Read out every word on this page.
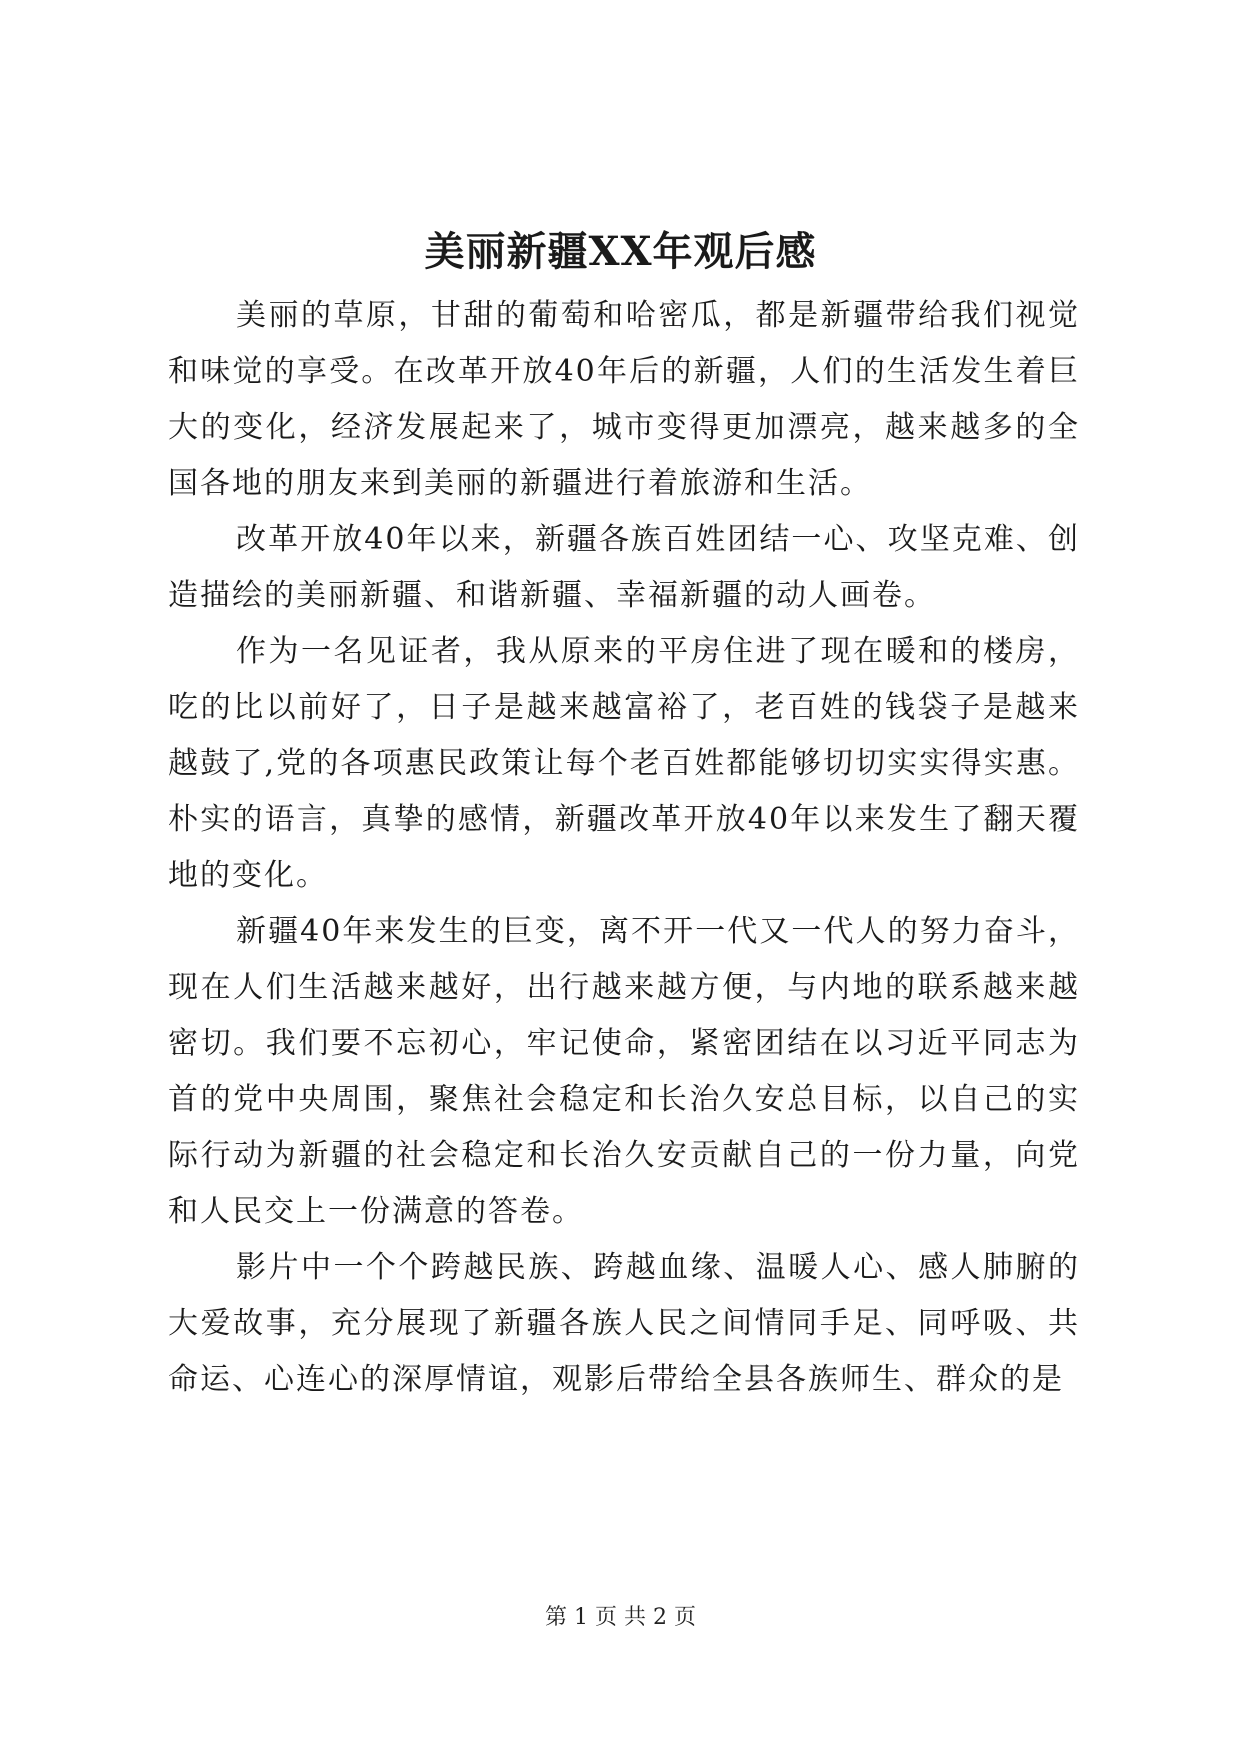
美丽新疆XX年观后感

美丽的草原，甘甜的葡萄和哈密瓜，都是新疆带给我们视觉和味觉的享受。在改革开放40年后的新疆，人们的生活发生着巨大的变化，经济发展起来了，城市变得更加漂亮，越来越多的全国各地的朋友来到美丽的新疆进行着旅游和生活。

改革开放40年以来，新疆各族百姓团结一心、攻坚克难、创造描绘的美丽新疆、和谐新疆、幸福新疆的动人画卷。

作为一名见证者，我从原来的平房住进了现在暖和的楼房，吃的比以前好了，日子是越来越富裕了，老百姓的钱袋子是越来越鼓了,党的各项惠民政策让每个老百姓都能够切切实实得实惠。朴实的语言，真挚的感情，新疆改革开放40年以来发生了翻天覆地的变化。

新疆40年来发生的巨变，离不开一代又一代人的努力奋斗，现在人们生活越来越好，出行越来越方便，与内地的联系越来越密切。我们要不忘初心，牢记使命，紧密团结在以习近平同志为首的党中央周围，聚焦社会稳定和长治久安总目标，以自己的实际行动为新疆的社会稳定和长治久安贡献自己的一份力量，向党和人民交上一份满意的答卷。

影片中一个个跨越民族、跨越血缘、温暖人心、感人肺腑的大爱故事，充分展现了新疆各族人民之间情同手足、同呼吸、共命运、心连心的深厚情谊，观影后带给全县各族师生、群众的是

第 1 页 共 2 页
